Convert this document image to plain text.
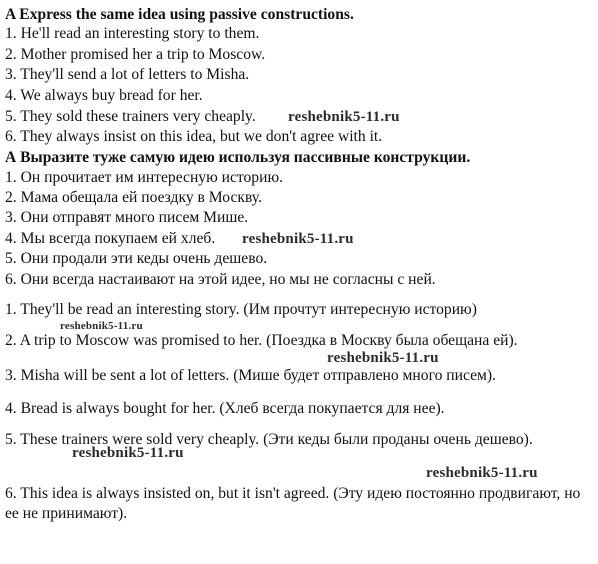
A Express the same idea using passive constructions.
1. He'll read an interesting story to them.
2. Mother promised her a trip to Moscow.
3. They'll send a lot of letters to Misha.
4. We always buy bread for her.
5. They sold these trainers very cheaply.
6. They always insist on this idea, but we don't agree with it.
А Выразите туже самую идею используя пассивные конструкции.
1. Он прочитает им интересную историю.
2. Мама обещала ей поездку в Москву.
3. Они отправят много писем Мише.
4. Мы всегда покупаем ей хлеб.
5. Они продали эти кеды очень дешево.
6. Они всегда настаивают на этой идее, но мы не согласны с ней.
1. They'll be read an interesting story. (Им прочтут интересную историю)
2. A trip to Moscow was promised to her. (Поездка в Москву была обещана ей).
3. Misha will be sent a lot of letters. (Мише будет отправлено много писем).
4. Bread is always bought for her. (Хлеб всегда покупается для нее).
5. These trainers were sold very cheaply. (Эти кеды были проданы очень дешево).
6. This idea is always insisted on, but it isn't agreed. (Эту идею постоянно продвигают, но ее не принимают).
reshebnik5-11.ru
reshebnik5-11.ru
reshebnik5-11.ru
reshebnik5-11.ru
reshebnik5-11.ru
reshebnik5-11.ru
